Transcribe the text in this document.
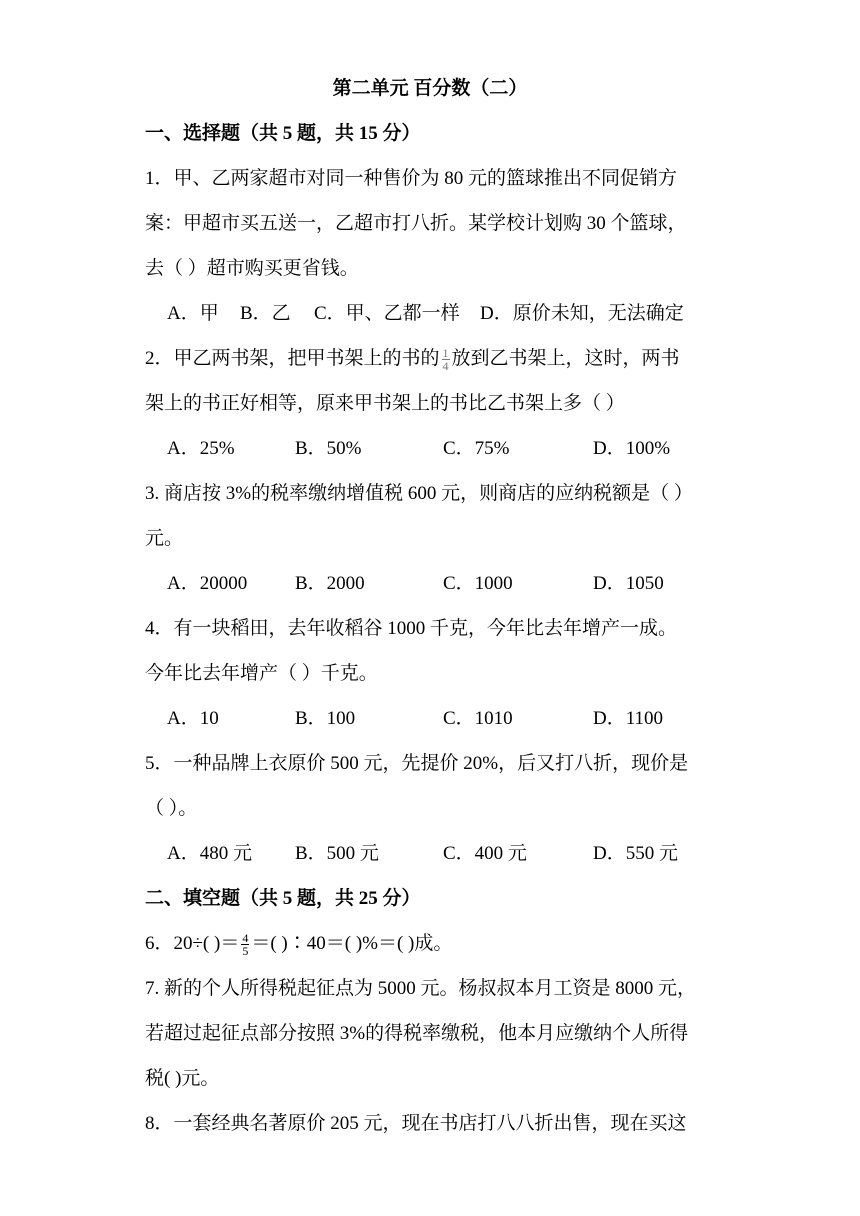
第二单元 百分数（二）
一、选择题（共 5 题，共 15 分）
1．甲、乙两家超市对同一种售价为 80 元的篮球推出不同促销方
案：甲超市买五送一，乙超市打八折。某学校计划购 30 个篮球，
去（ ）超市购买更省钱。
A．甲 B．乙 C．甲、乙都一样 D．原价未知，无法确定
2．甲乙两书架，把甲书架上的书的 $\frac{1}{4}$ 放到乙书架上，这时，两书
架上的书正好相等，原来甲书架上的书比乙书架上多（ ）
A．25%	B．50%	C．75%	D．100%
3. 商店按 3%的税率缴纳增值税 600 元，则商店的应纳税额是（ ）
元。
A．20000	B．2000	C．1000	D．1050
4．有一块稻田，去年收稻谷 1000 千克，今年比去年增产一成。
今年比去年增产（ ）千克。
A．10	B．100	C．1010	D．1100
5．一种品牌上衣原价 500 元，先提价 20%，后又打八折，现价是
（ ）。
A．480 元 B．500 元	C．400 元	D．550 元
二、填空题（共 5 题，共 25 分）
6．20÷( )＝ $\frac{4}{5}$ ＝( )∶40＝( )%＝( )成。
7. 新的个人所得税起征点为 5000 元。杨叔叔本月工资是 8000 元，
若超过起征点部分按照 3%的得税率缴税，他本月应缴纳个人所得
税( )元。
8．一套经典名著原价 205 元，现在书店打八八折出售，现在买这
